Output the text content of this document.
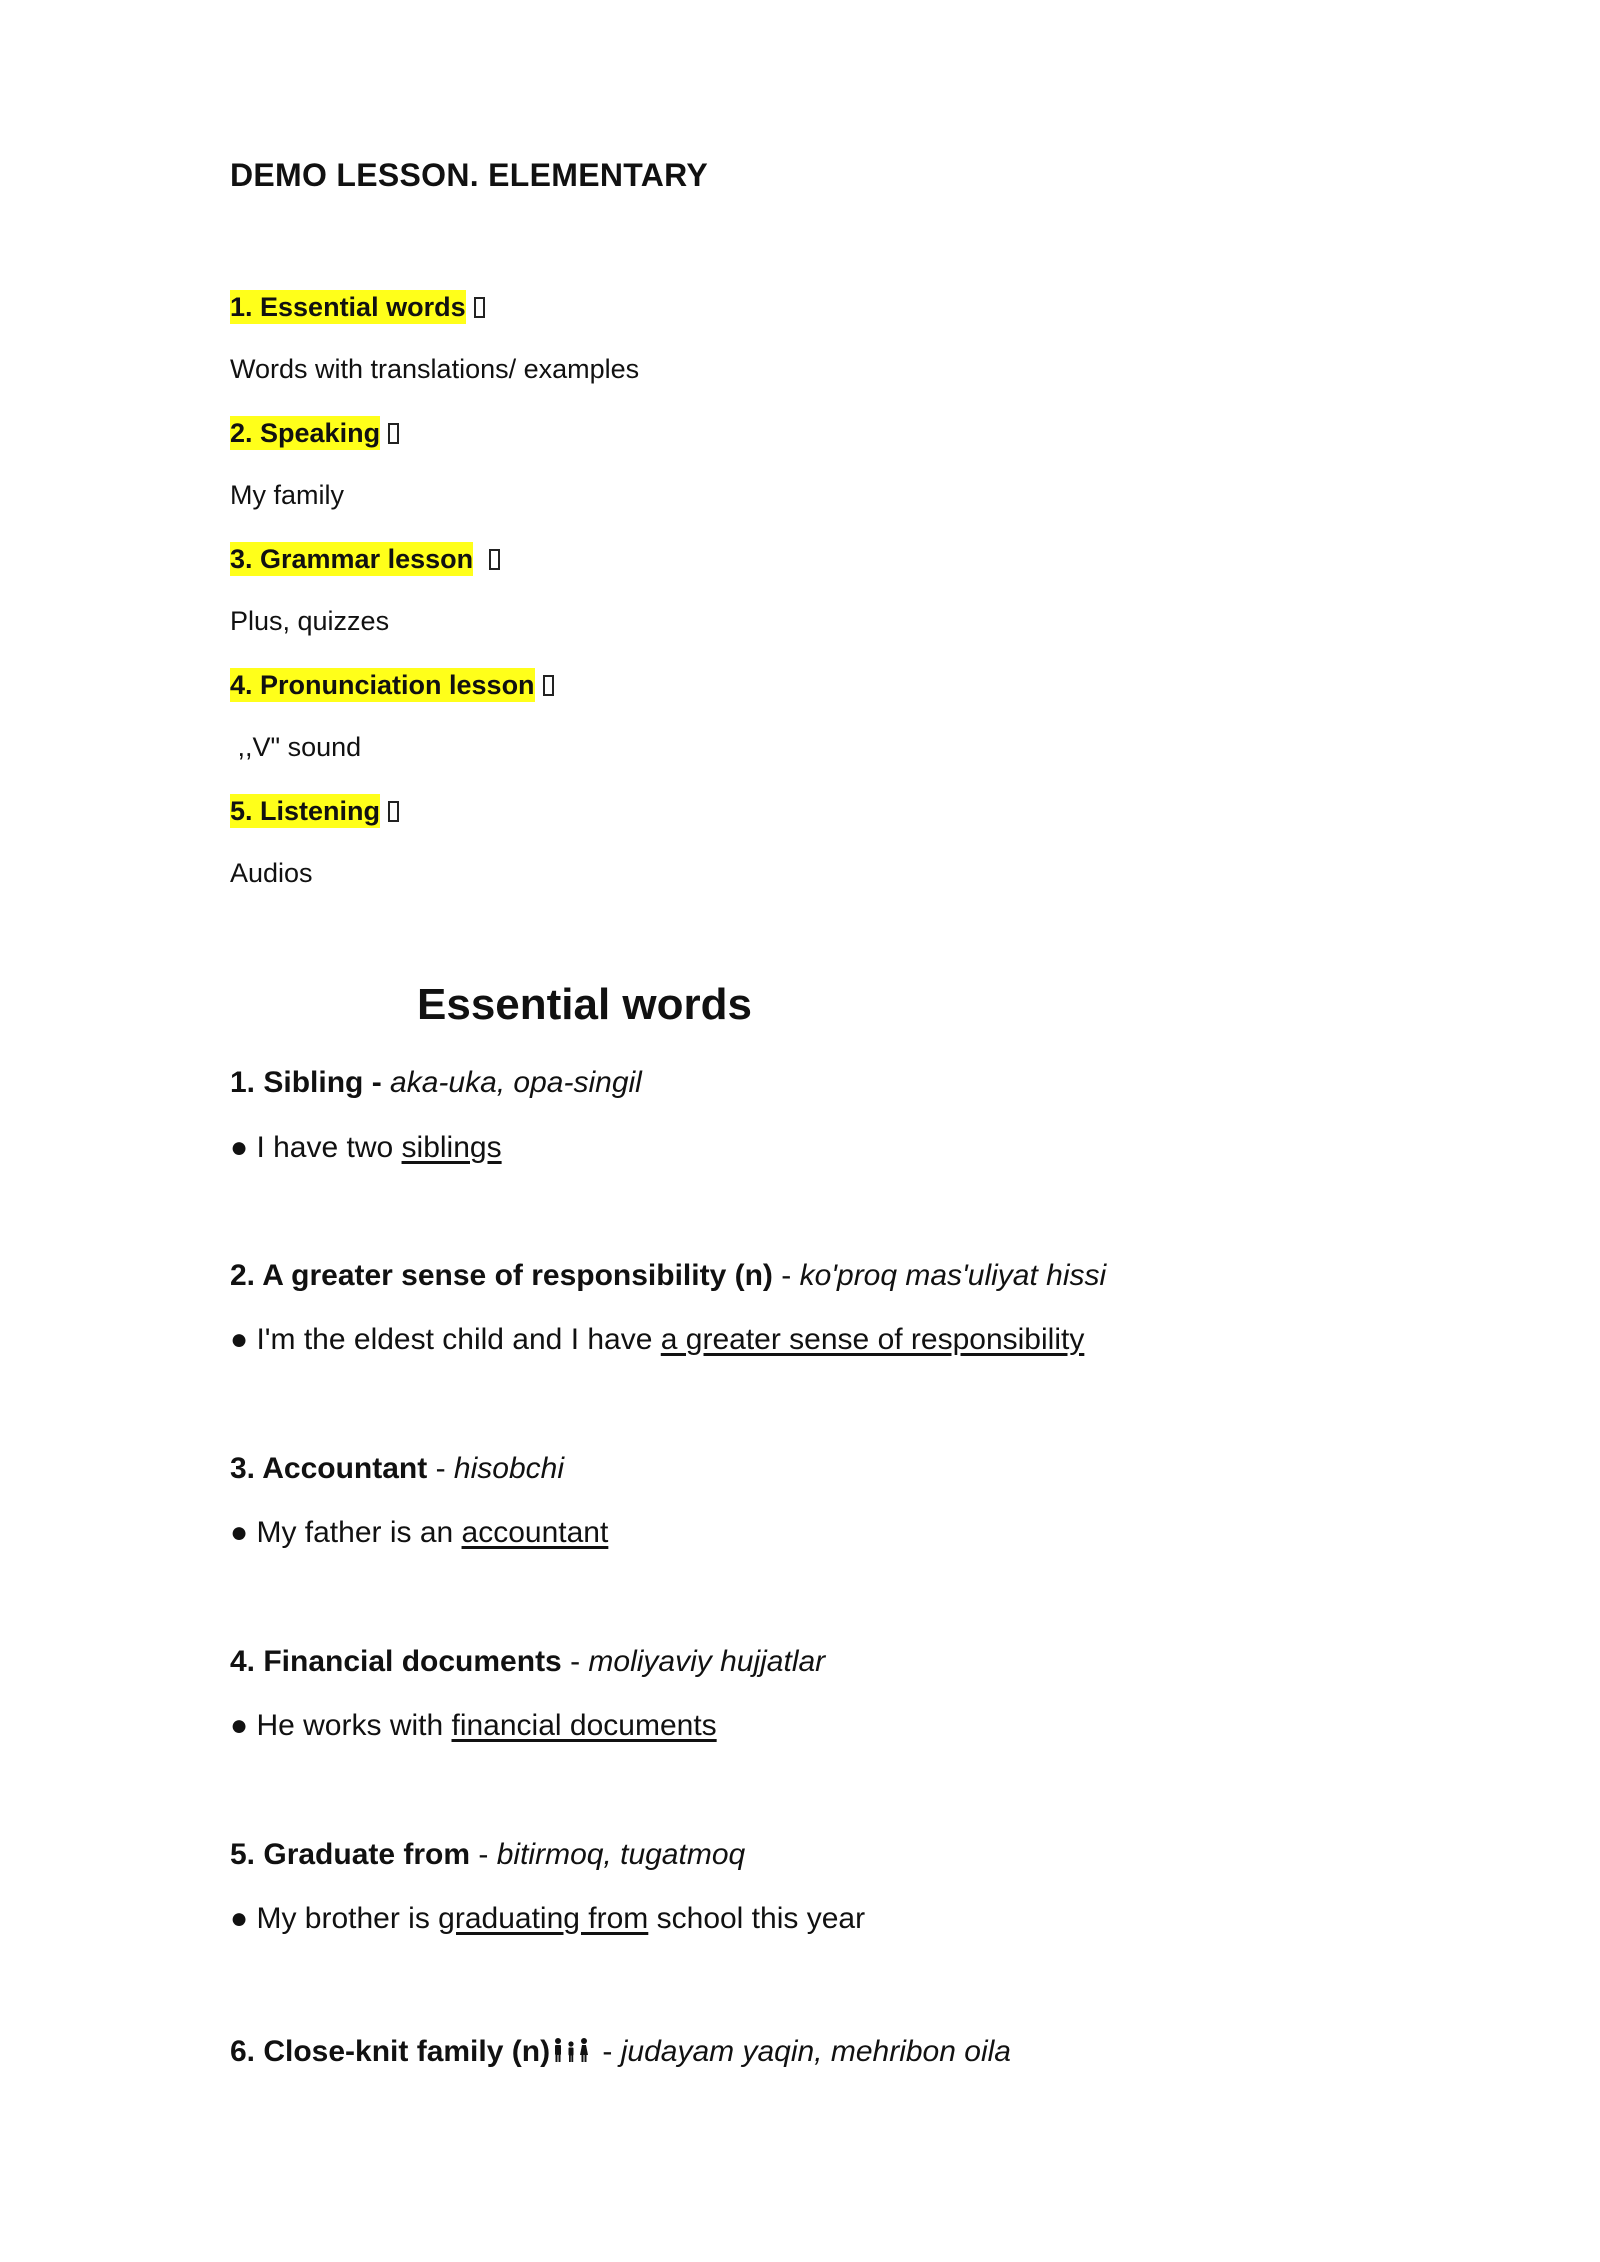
DEMO LESSON. ELEMENTARY
1. Essential words
Words with translations/ examples
2. Speaking
My family
3. Grammar lesson
Plus, quizzes
4. Pronunciation lesson
,,V" sound
5. Listening
Audios
Essential words
1. Sibling - aka-uka, opa-singil
● I have two siblings
2. A greater sense of responsibility (n) - ko'proq mas'uliyat hissi
● I'm the eldest child and I have a greater sense of responsibility
3. Accountant - hisobchi
● My father is an accountant
4. Financial documents - moliyaviy hujjatlar
● He works with financial documents
5. Graduate from - bitirmoq, tugatmoq
● My brother is graduating from school this year
6. Close-knit family (n) - judayam yaqin, mehribon oila
